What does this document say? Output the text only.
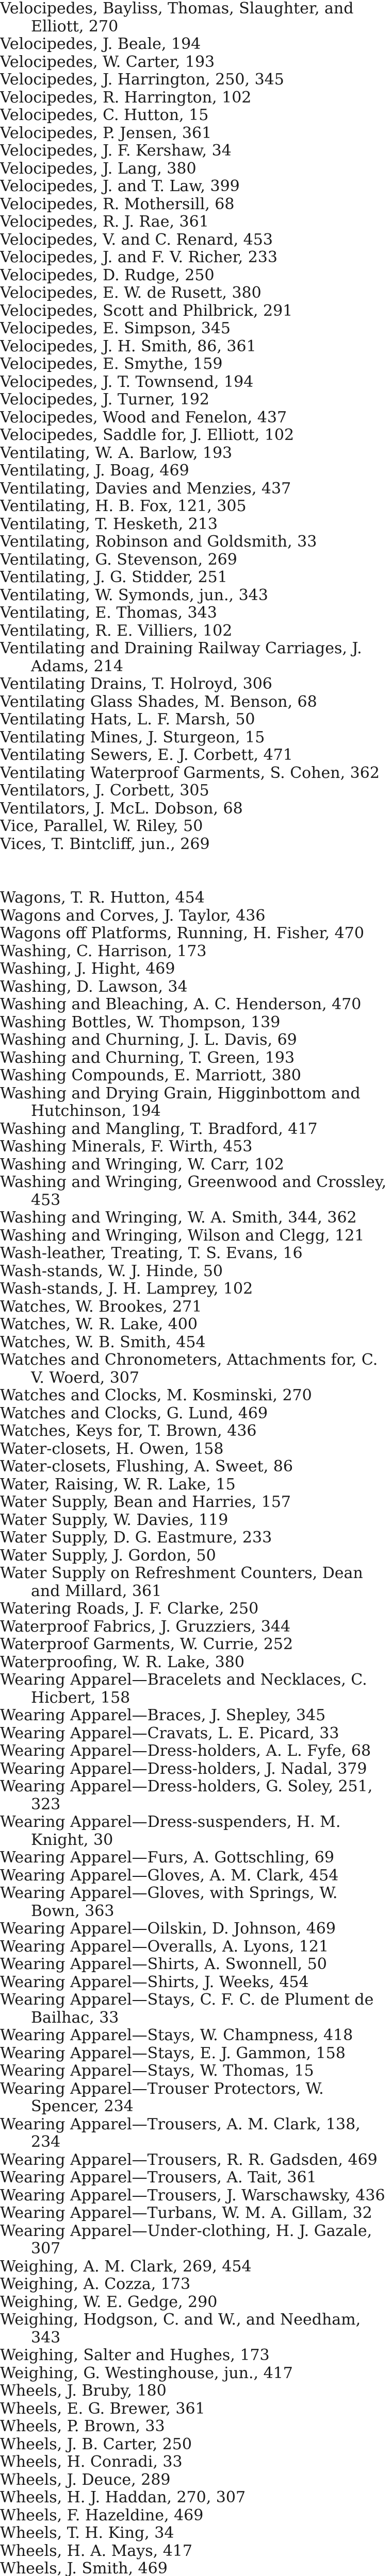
Velocipedes, Bayliss, Thomas, Slaughter, and Elliott, 270
Velocipedes, J. Beale, 194
Velocipedes, W. Carter, 193
Velocipedes, J. Harrington, 250, 345
Velocipedes, R. Harrington, 102
Velocipedes, C. Hutton, 15
Velocipedes, P. Jensen, 361
Velocipedes, J. F. Kershaw, 34
Velocipedes, J. Lang, 380
Velocipedes, J. and T. Law, 399
Velocipedes, R. Mothersill, 68
Velocipedes, R. J. Rae, 361
Velocipedes, V. and C. Renard, 453
Velocipedes, J. and F. V. Richer, 233
Velocipedes, D. Rudge, 250
Velocipedes, E. W. de Rusett, 380
Velocipedes, Scott and Philbrick, 291
Velocipedes, E. Simpson, 345
Velocipedes, J. H. Smith, 86, 361
Velocipedes, E. Smythe, 159
Velocipedes, J. T. Townsend, 194
Velocipedes, J. Turner, 192
Velocipedes, Wood and Fenelon, 437
Velocipedes, Saddle for, J. Elliott, 102
Ventilating, W. A. Barlow, 193
Ventilating, J. Boag, 469
Ventilating, Davies and Menzies, 437
Ventilating, H. B. Fox, 121, 305
Ventilating, T. Hesketh, 213
Ventilating, Robinson and Goldsmith, 33
Ventilating, G. Stevenson, 269
Ventilating, J. G. Stidder, 251
Ventilating, W. Symonds, jun., 343
Ventilating, E. Thomas, 343
Ventilating, R. E. Villiers, 102
Ventilating and Draining Railway Carriages, J. Adams, 214
Ventilating Drains, T. Holroyd, 306
Ventilating Glass Shades, M. Benson, 68
Ventilating Hats, L. F. Marsh, 50
Ventilating Mines, J. Sturgeon, 15
Ventilating Sewers, E. J. Corbett, 471
Ventilating Waterproof Garments, S. Cohen, 362
Ventilators, J. Corbett, 305
Ventilators, J. McL. Dobson, 68
Vice, Parallel, W. Riley, 50
Vices, T. Bintcliff, jun., 269
Wagons, T. R. Hutton, 454
Wagons and Corves, J. Taylor, 436
Wagons off Platforms, Running, H. Fisher, 470
Washing, C. Harrison, 173
Washing, J. Hight, 469
Washing, D. Lawson, 34
Washing and Bleaching, A. C. Henderson, 470
Washing Bottles, W. Thompson, 139
Washing and Churning, J. L. Davis, 69
Washing and Churning, T. Green, 193
Washing Compounds, E. Marriott, 380
Washing and Drying Grain, Higginbottom and Hutchinson, 194
Washing and Mangling, T. Bradford, 417
Washing Minerals, F. Wirth, 453
Washing and Wringing, W. Carr, 102
Washing and Wringing, Greenwood and Crossley, 453
Washing and Wringing, W. A. Smith, 344, 362
Washing and Wringing, Wilson and Clegg, 121
Wash-leather, Treating, T. S. Evans, 16
Wash-stands, W. J. Hinde, 50
Wash-stands, J. H. Lamprey, 102
Watches, W. Brookes, 271
Watches, W. R. Lake, 400
Watches, W. B. Smith, 454
Watches and Chronometers, Attachments for, C. V. Woerd, 307
Watches and Clocks, M. Kosminski, 270
Watches and Clocks, G. Lund, 469
Watches, Keys for, T. Brown, 436
Water-closets, H. Owen, 158
Water-closets, Flushing, A. Sweet, 86
Water, Raising, W. R. Lake, 15
Water Supply, Bean and Harries, 157
Water Supply, W. Davies, 119
Water Supply, D. G. Eastmure, 233
Water Supply, J. Gordon, 50
Water Supply on Refreshment Counters, Dean and Millard, 361
Watering Roads, J. F. Clarke, 250
Waterproof Fabrics, J. Gruzziers, 344
Waterproof Garments, W. Currie, 252
Waterproofing, W. R. Lake, 380
Wearing Apparel—Bracelets and Necklaces, C. Hicbert, 158
Wearing Apparel—Braces, J. Shepley, 345
Wearing Apparel—Cravats, L. E. Picard, 33
Wearing Apparel—Dress-holders, A. L. Fyfe, 68
Wearing Apparel—Dress-holders, J. Nadal, 379
Wearing Apparel—Dress-holders, G. Soley, 251, 323
Wearing Apparel—Dress-suspenders, H. M. Knight, 30
Wearing Apparel—Furs, A. Gottschling, 69
Wearing Apparel—Gloves, A. M. Clark, 454
Wearing Apparel—Gloves, with Springs, W. Bown, 363
Wearing Apparel—Oilskin, D. Johnson, 469
Wearing Apparel—Overalls, A. Lyons, 121
Wearing Apparel—Shirts, A. Swonnell, 50
Wearing Apparel—Shirts, J. Weeks, 454
Wearing Apparel—Stays, C. F. C. de Plument de Bailhac, 33
Wearing Apparel—Stays, W. Champness, 418
Wearing Apparel—Stays, E. J. Gammon, 158
Wearing Apparel—Stays, W. Thomas, 15
Wearing Apparel—Trouser Protectors, W. Spencer, 234
Wearing Apparel—Trousers, A. M. Clark, 138, 234
Wearing Apparel—Trousers, R. R. Gadsden, 469
Wearing Apparel—Trousers, A. Tait, 361
Wearing Apparel—Trousers, J. Warschawsky, 436
Wearing Apparel—Turbans, W. M. A. Gillam, 32
Wearing Apparel—Under-clothing, H. J. Gazale, 307
Weighing, A. M. Clark, 269, 454
Weighing, A. Cozza, 173
Weighing, W. E. Gedge, 290
Weighing, Hodgson, C. and W., and Needham, 343
Weighing, Salter and Hughes, 173
Weighing, G. Westinghouse, jun., 417
Wheels, J. Bruby, 180
Wheels, E. G. Brewer, 361
Wheels, P. Brown, 33
Wheels, J. B. Carter, 250
Wheels, H. Conradi, 33
Wheels, J. Deuce, 289
Wheels, H. J. Haddan, 270, 307
Wheels, F. Hazeldine, 469
Wheels, T. H. King, 34
Wheels, H. A. Mays, 417
Wheels, J. Smith, 469
